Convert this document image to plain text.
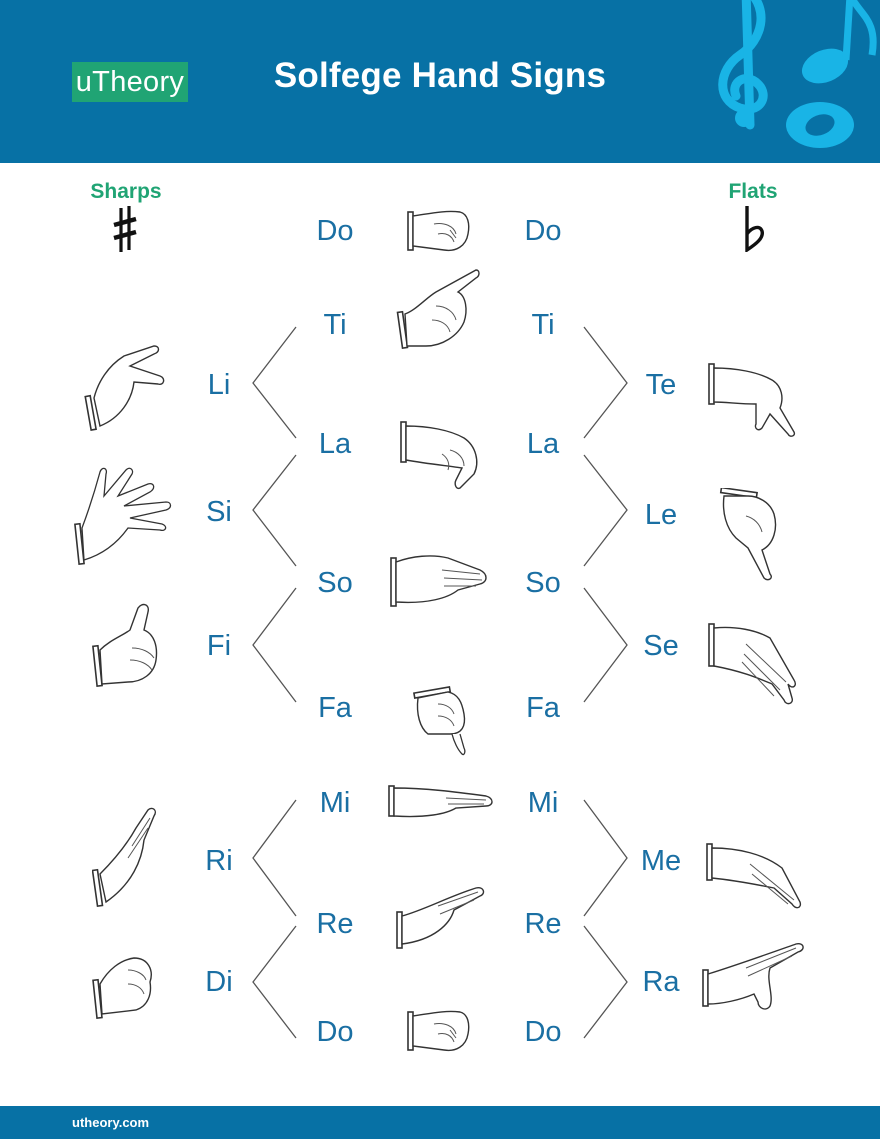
uTheory	Solfege Hand Signs
Sharps	Flats
Do
Ti
La
So
Fa
Mi
Re
Do
Do
Ti
La
So
Fa
Mi
Re
Do
Li
Si
Fi
Ri
Di
Te
Le
Se
Me
Ra
utheory.com
